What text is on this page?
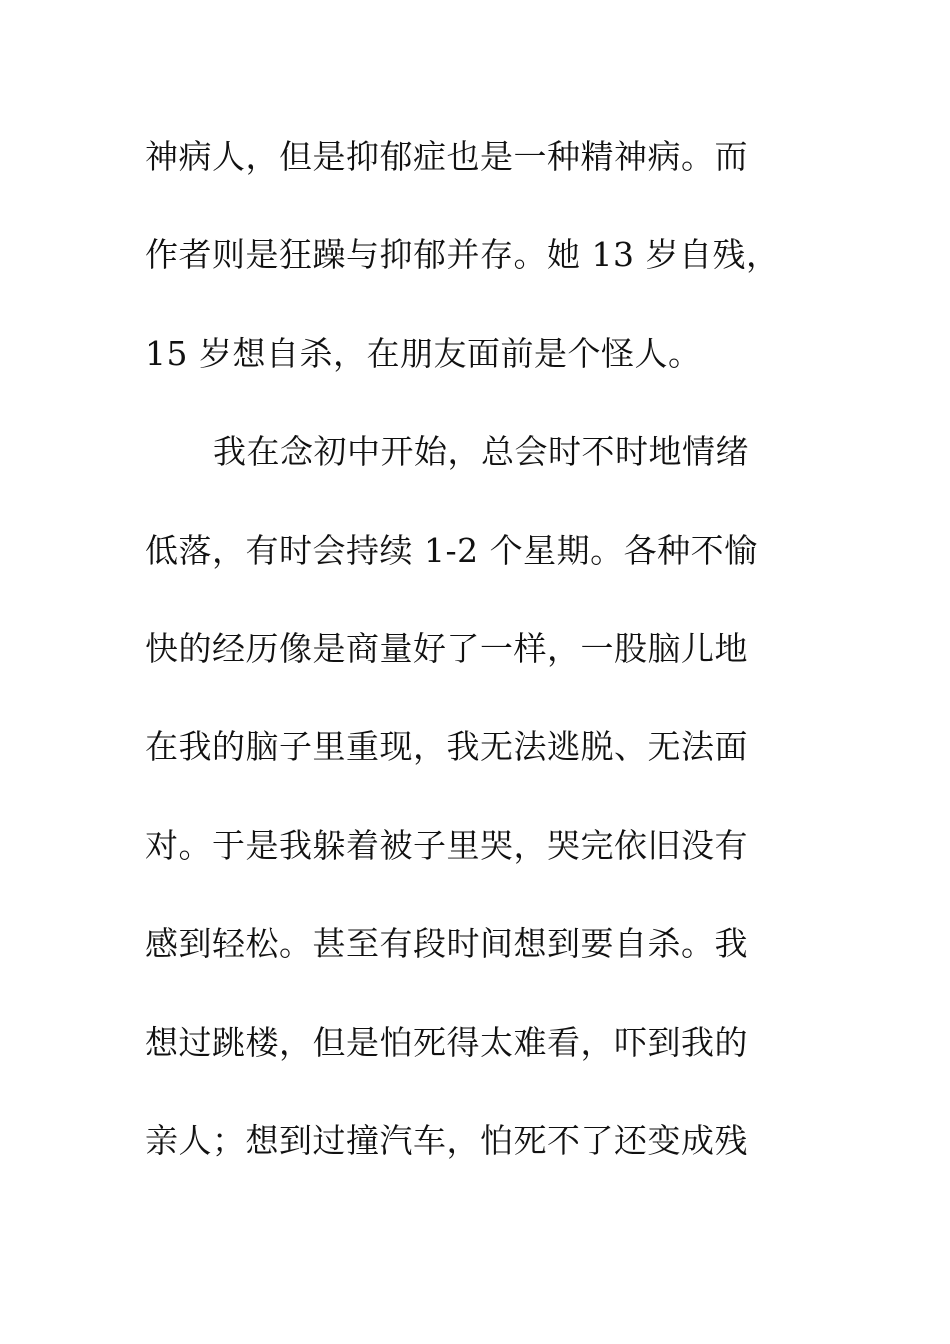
神病人，但是抑郁症也是一种精神病。而
作者则是狂躁与抑郁并存。她 13 岁自残，
15 岁想自杀，在朋友面前是个怪人。
我在念初中开始，总会时不时地情绪
低落，有时会持续 1-2 个星期。各种不愉
快的经历像是商量好了一样，一股脑儿地
在我的脑子里重现，我无法逃脱、无法面
对。于是我躲着被子里哭，哭完依旧没有
感到轻松。甚至有段时间想到要自杀。我
想过跳楼，但是怕死得太难看，吓到我的
亲人；想到过撞汽车，怕死不了还变成残
